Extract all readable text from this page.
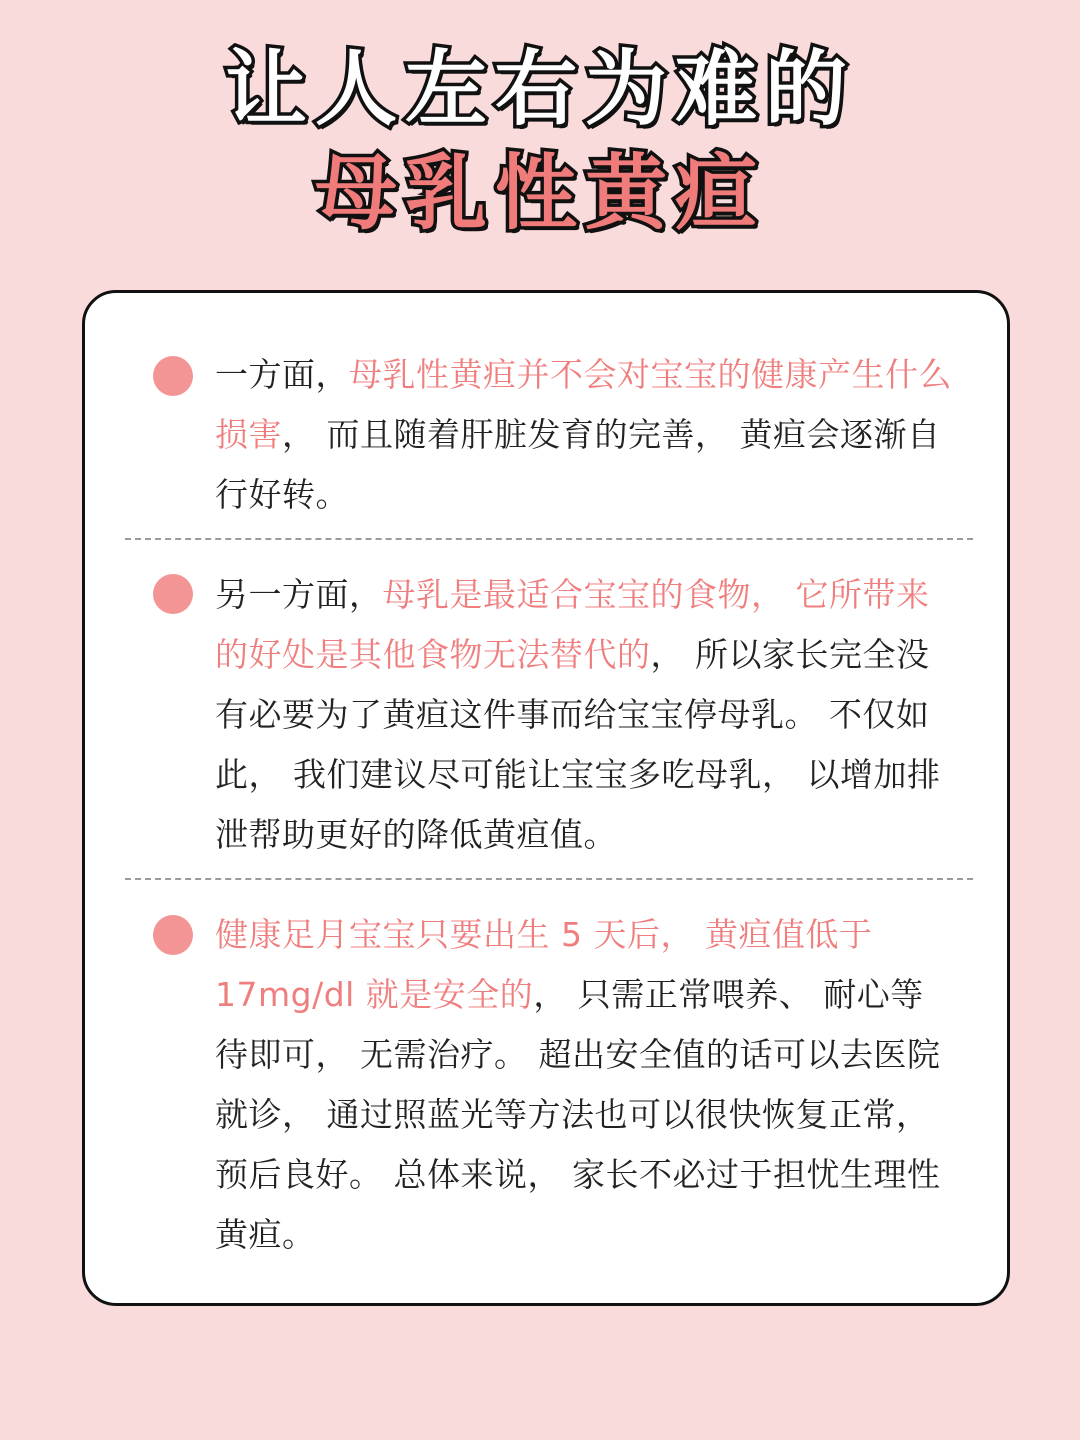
让人左右为难的
母乳性黄疸

一方面，母乳性黄疸并不会对宝宝的健康产生什么损害， 而且随着肝脏发育的完善， 黄疸会逐渐自行好转。

另一方面，母乳是最适合宝宝的食物， 它所带来的好处是其他食物无法替代的， 所以家长完全没有必要为了黄疸这件事而给宝宝停母乳。 不仅如此， 我们建议尽可能让宝宝多吃母乳， 以增加排泄帮助更好的降低黄疸值。

健康足月宝宝只要出生 5 天后， 黄疸值低于17mg/dl 就是安全的， 只需正常喂养、 耐心等待即可， 无需治疗。 超出安全值的话可以去医院就诊， 通过照蓝光等方法也可以很快恢复正常， 预后良好。 总体来说， 家长不必过于担忧生理性黄疸。
